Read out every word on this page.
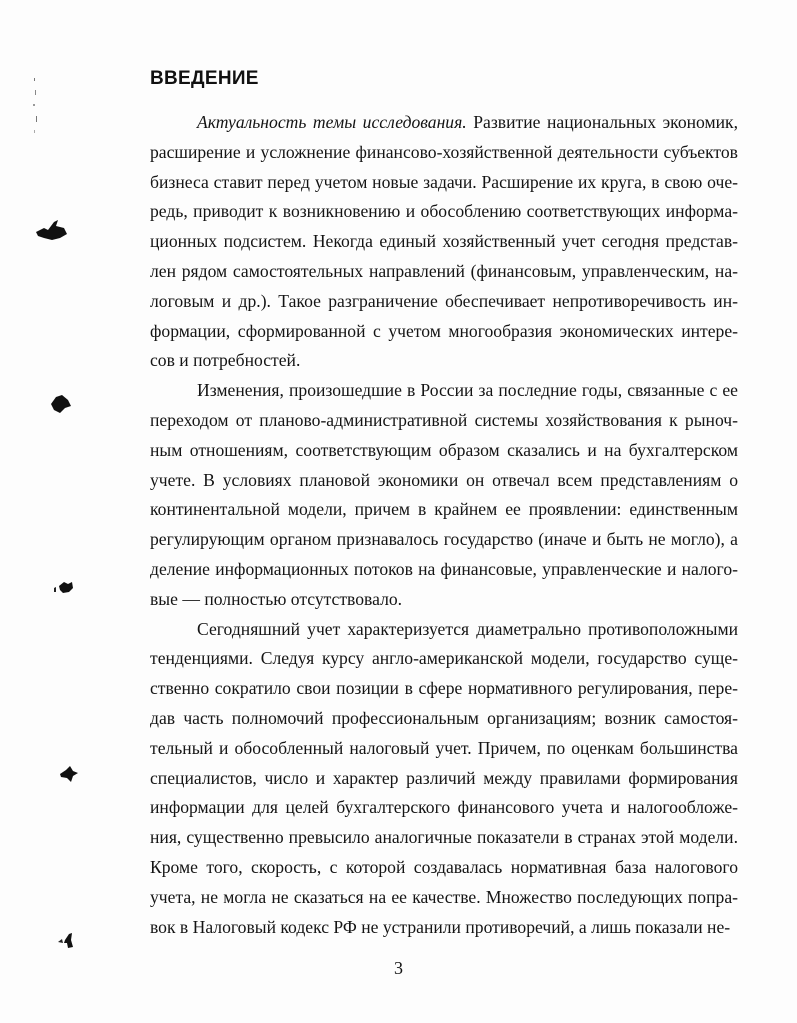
ВВЕДЕНИЕ

Актуальность темы исследования. Развитие национальных экономик, расширение и усложнение финансово-хозяйственной деятельности субъектов бизнеса ставит перед учетом новые задачи. Расширение их круга, в свою очередь, приводит к возникновению и обособлению соответствующих информационных подсистем. Некогда единый хозяйственный учет сегодня представлен рядом самостоятельных направлений (финансовым, управленческим, налоговым и др.). Такое разграничение обеспечивает непротиворечивость информации, сформированной с учетом многообразия экономических интересов и потребностей.

Изменения, произошедшие в России за последние годы, связанные с ее переходом от планово-административной системы хозяйствования к рыночным отношениям, соответствующим образом сказались и на бухгалтерском учете. В условиях плановой экономики он отвечал всем представлениям о континентальной модели, причем в крайнем ее проявлении: единственным регулирующим органом признавалось государство (иначе и быть не могло), а деление информационных потоков на финансовые, управленческие и налоговые — полностью отсутствовало.

Сегодняшний учет характеризуется диаметрально противоположными тенденциями. Следуя курсу англо-американской модели, государство существенно сократило свои позиции в сфере нормативного регулирования, передав часть полномочий профессиональным организациям; возник самостоятельный и обособленный налоговый учет. Причем, по оценкам большинства специалистов, число и характер различий между правилами формирования информации для целей бухгалтерского финансового учета и налогообложения, существенно превысило аналогичные показатели в странах этой модели. Кроме того, скорость, с которой создавалась нормативная база налогового учета, не могла не сказаться на ее качестве. Множество последующих поправок в Налоговый кодекс РФ не устранили противоречий, а лишь показали не-

3
